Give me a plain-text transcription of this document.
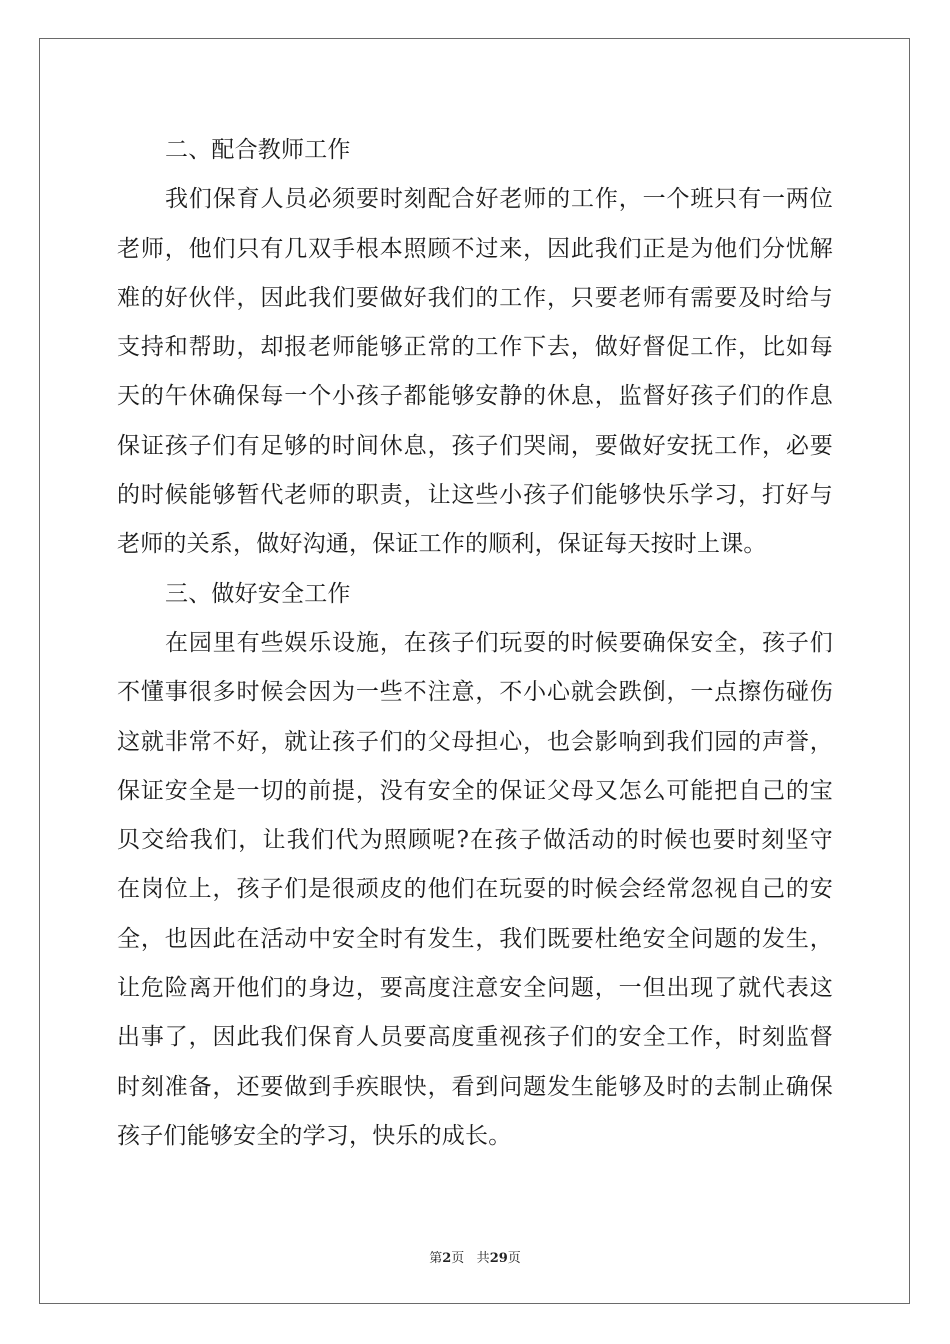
二、配合教师工作
我们保育人员必须要时刻配合好老师的工作，一个班只有一两位
老师，他们只有几双手根本照顾不过来，因此我们正是为他们分忧解
难的好伙伴，因此我们要做好我们的工作，只要老师有需要及时给与
支持和帮助，却报老师能够正常的工作下去，做好督促工作，比如每
天的午休确保每一个小孩子都能够安静的休息，监督好孩子们的作息
保证孩子们有足够的时间休息，孩子们哭闹，要做好安抚工作，必要
的时候能够暂代老师的职责，让这些小孩子们能够快乐学习，打好与
老师的关系，做好沟通，保证工作的顺利，保证每天按时上课。
三、做好安全工作
在园里有些娱乐设施，在孩子们玩耍的时候要确保安全，孩子们
不懂事很多时候会因为一些不注意，不小心就会跌倒，一点擦伤碰伤
这就非常不好，就让孩子们的父母担心，也会影响到我们园的声誉，
保证安全是一切的前提，没有安全的保证父母又怎么可能把自己的宝
贝交给我们，让我们代为照顾呢?在孩子做活动的时候也要时刻坚守
在岗位上，孩子们是很顽皮的他们在玩耍的时候会经常忽视自己的安
全，也因此在活动中安全时有发生，我们既要杜绝安全问题的发生，
让危险离开他们的身边，要高度注意安全问题，一但出现了就代表这
出事了，因此我们保育人员要高度重视孩子们的安全工作，时刻监督
时刻准备，还要做到手疾眼快，看到问题发生能够及时的去制止确保
孩子们能够安全的学习，快乐的成长。
第2页 共29页
